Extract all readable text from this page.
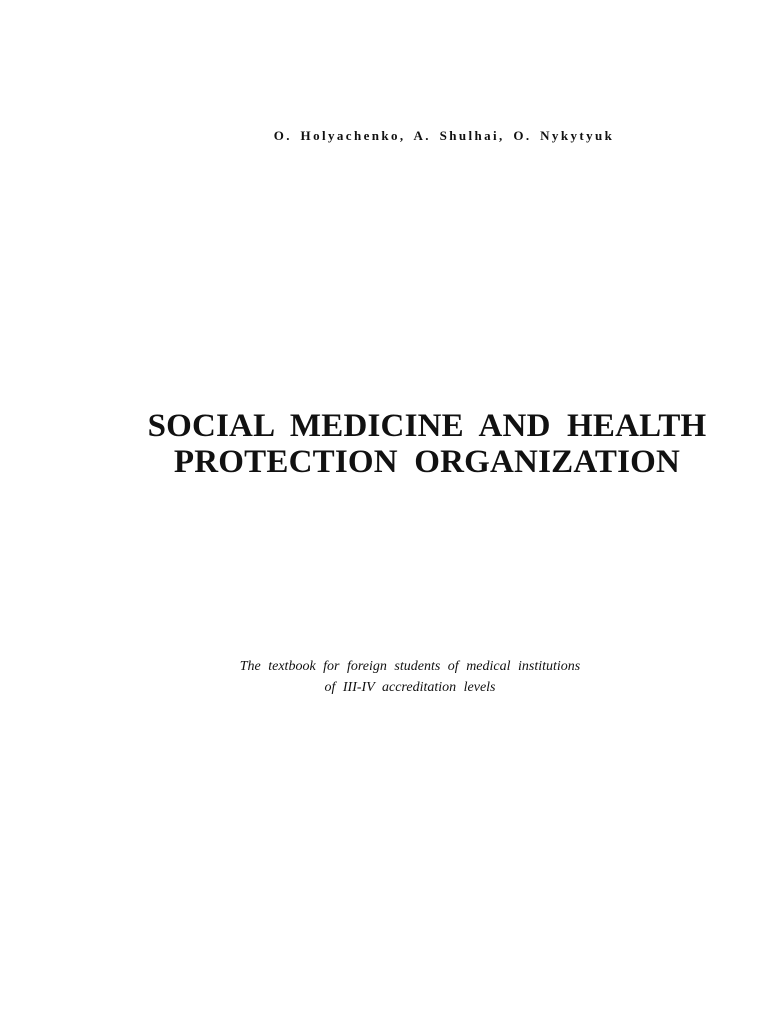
O. Holyachenko, A. Shulhai, O. Nykytyuk
SOCIAL MEDICINE AND HEALTH
PROTECTION ORGANIZATION
The textbook for foreign students of medical institutions
of III-IV accreditation levels
